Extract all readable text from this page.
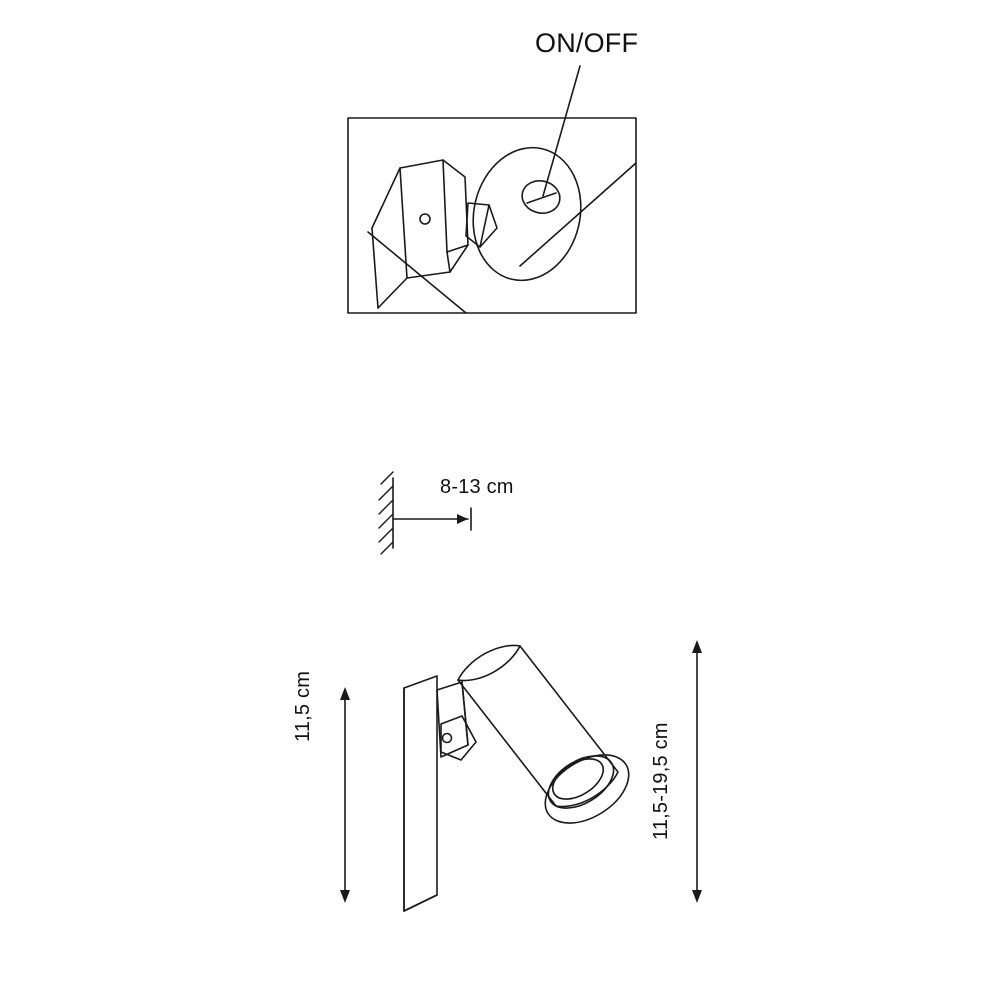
ON/OFF
8-13 cm
11,5 cm
11,5-19,5 cm
